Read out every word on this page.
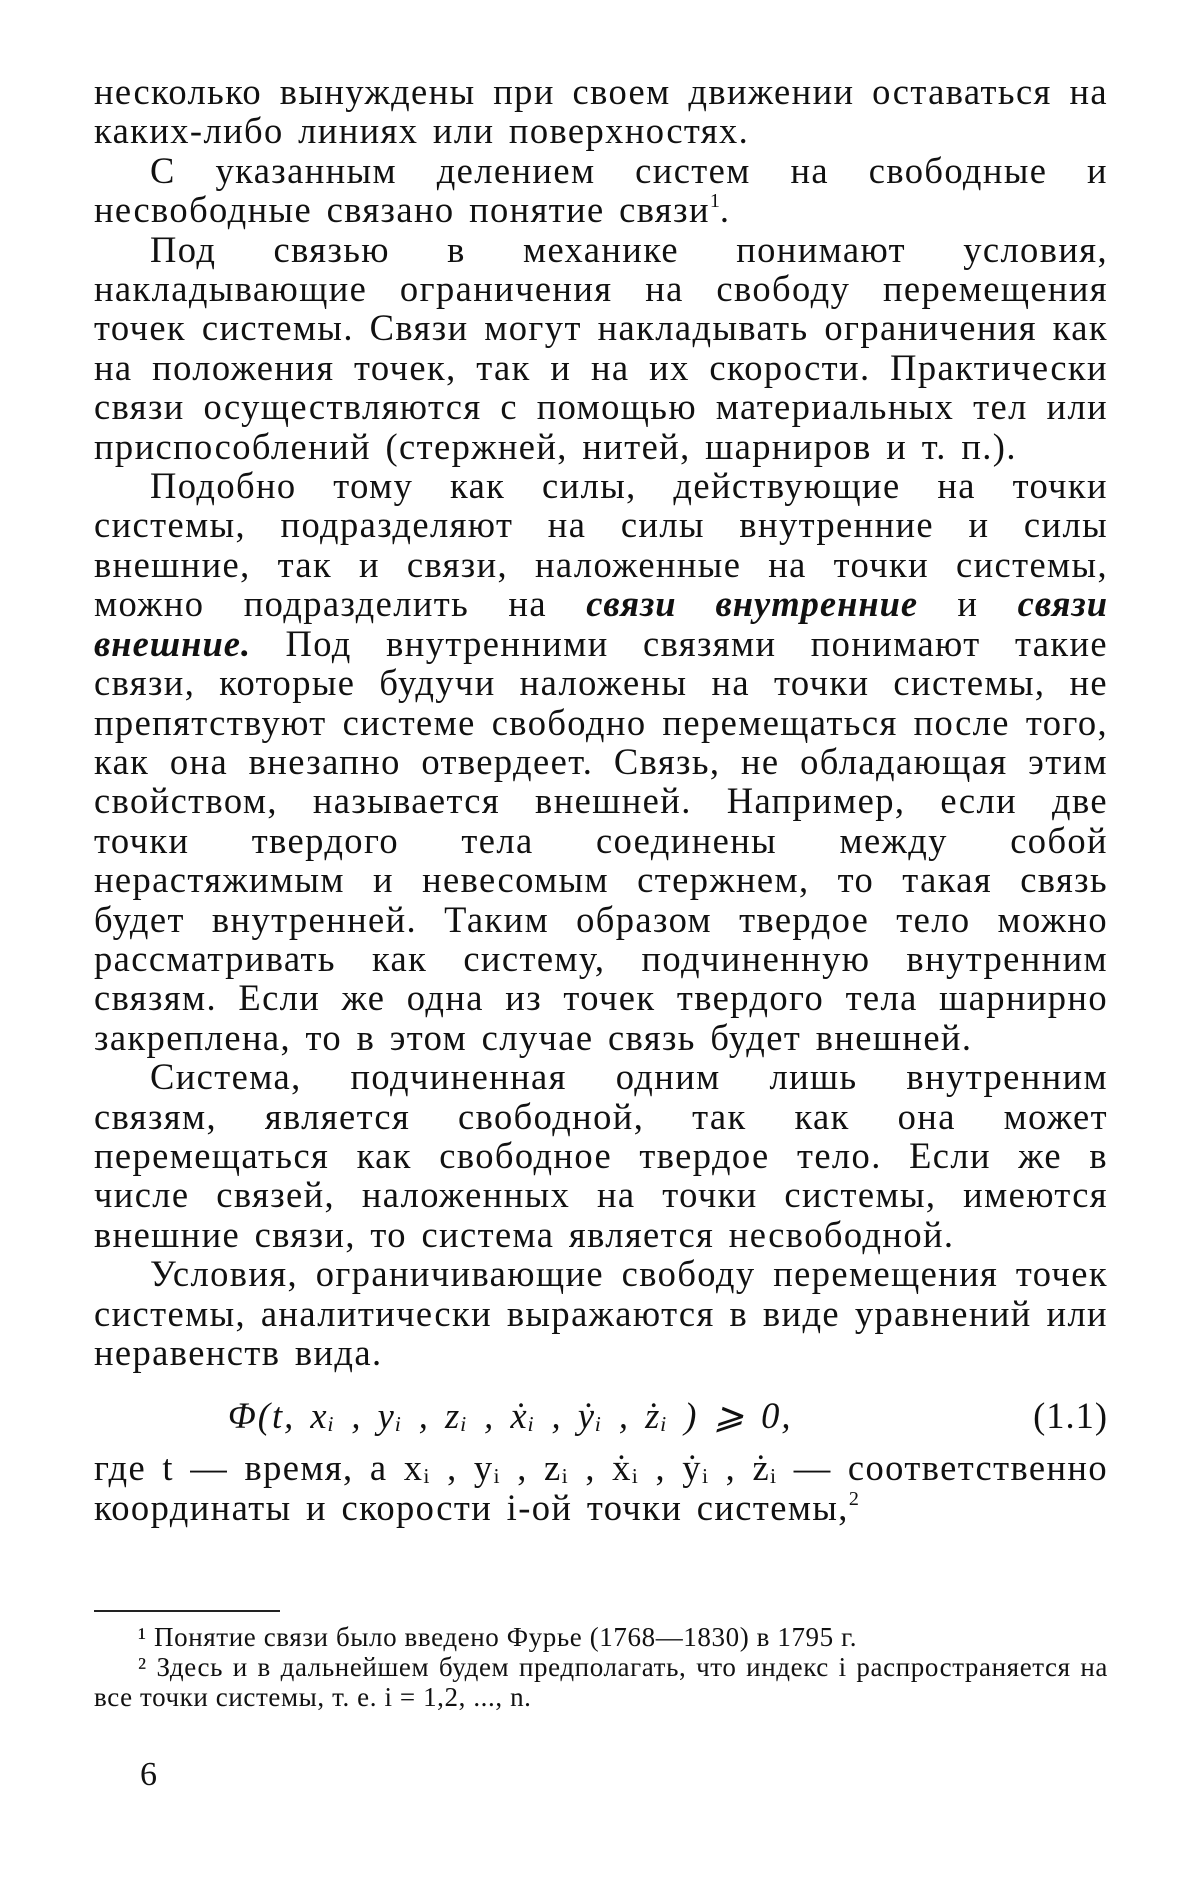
несколько вынуждены при своем движении оставаться на каких-либо линиях или поверхностях.

С указанным делением систем на свободные и несвободные связано понятие связи$^1$.

Под связью в механике понимают условия, накладывающие ограничения на свободу перемещения точек системы. Связи могут накладывать ограничения как на положения точек, так и на их скорости. Практически связи осуществляются с помощью материальных тел или приспособлений (стержней, нитей, шарниров и т. п.).

Подобно тому как силы, действующие на точки системы, подразделяют на силы внутренние и силы внешние, так и связи, наложенные на точки системы, можно подразделить на связи внутренние и связи внешние. Под внутренними связями понимают такие связи, которые будучи наложены на точки системы, не препятствуют системе свободно перемещаться после того, как она внезапно отвердеет. Связь, не обладающая этим свойством, называется внешней. Например, если две точки твердого тела соединены между собой нерастяжимым и невесомым стержнем, то такая связь будет внутренней. Таким образом твердое тело можно рассматривать как систему, подчиненную внутренним связям. Если же одна из точек твердого тела шарнирно закреплена, то в этом случае связь будет внешней.

Система, подчиненная одним лишь внутренним связям, является свободной, так как она может перемещаться как свободное твердое тело. Если же в числе связей, наложенных на точки системы, имеются внешние связи, то система является несвободной.

Условия, ограничивающие свободу перемещения точек системы, аналитически выражаются в виде уравнений или неравенств вида.

Φ(t, xᵢ , yᵢ , zᵢ , ẋᵢ , ẏᵢ , żᵢ ) ⩾ 0,	(1.1)

где t — время, а xᵢ , yᵢ , zᵢ , ẋᵢ , ẏᵢ , żᵢ — соответственно координаты и скорости i-ой точки системы,$^2$

¹ Понятие связи было введено Фурье (1768—1830) в 1795 г.

² Здесь и в дальнейшем будем предполагать, что индекс i распространяется на все точки системы, т. е. i = 1,2, ..., n.

6
